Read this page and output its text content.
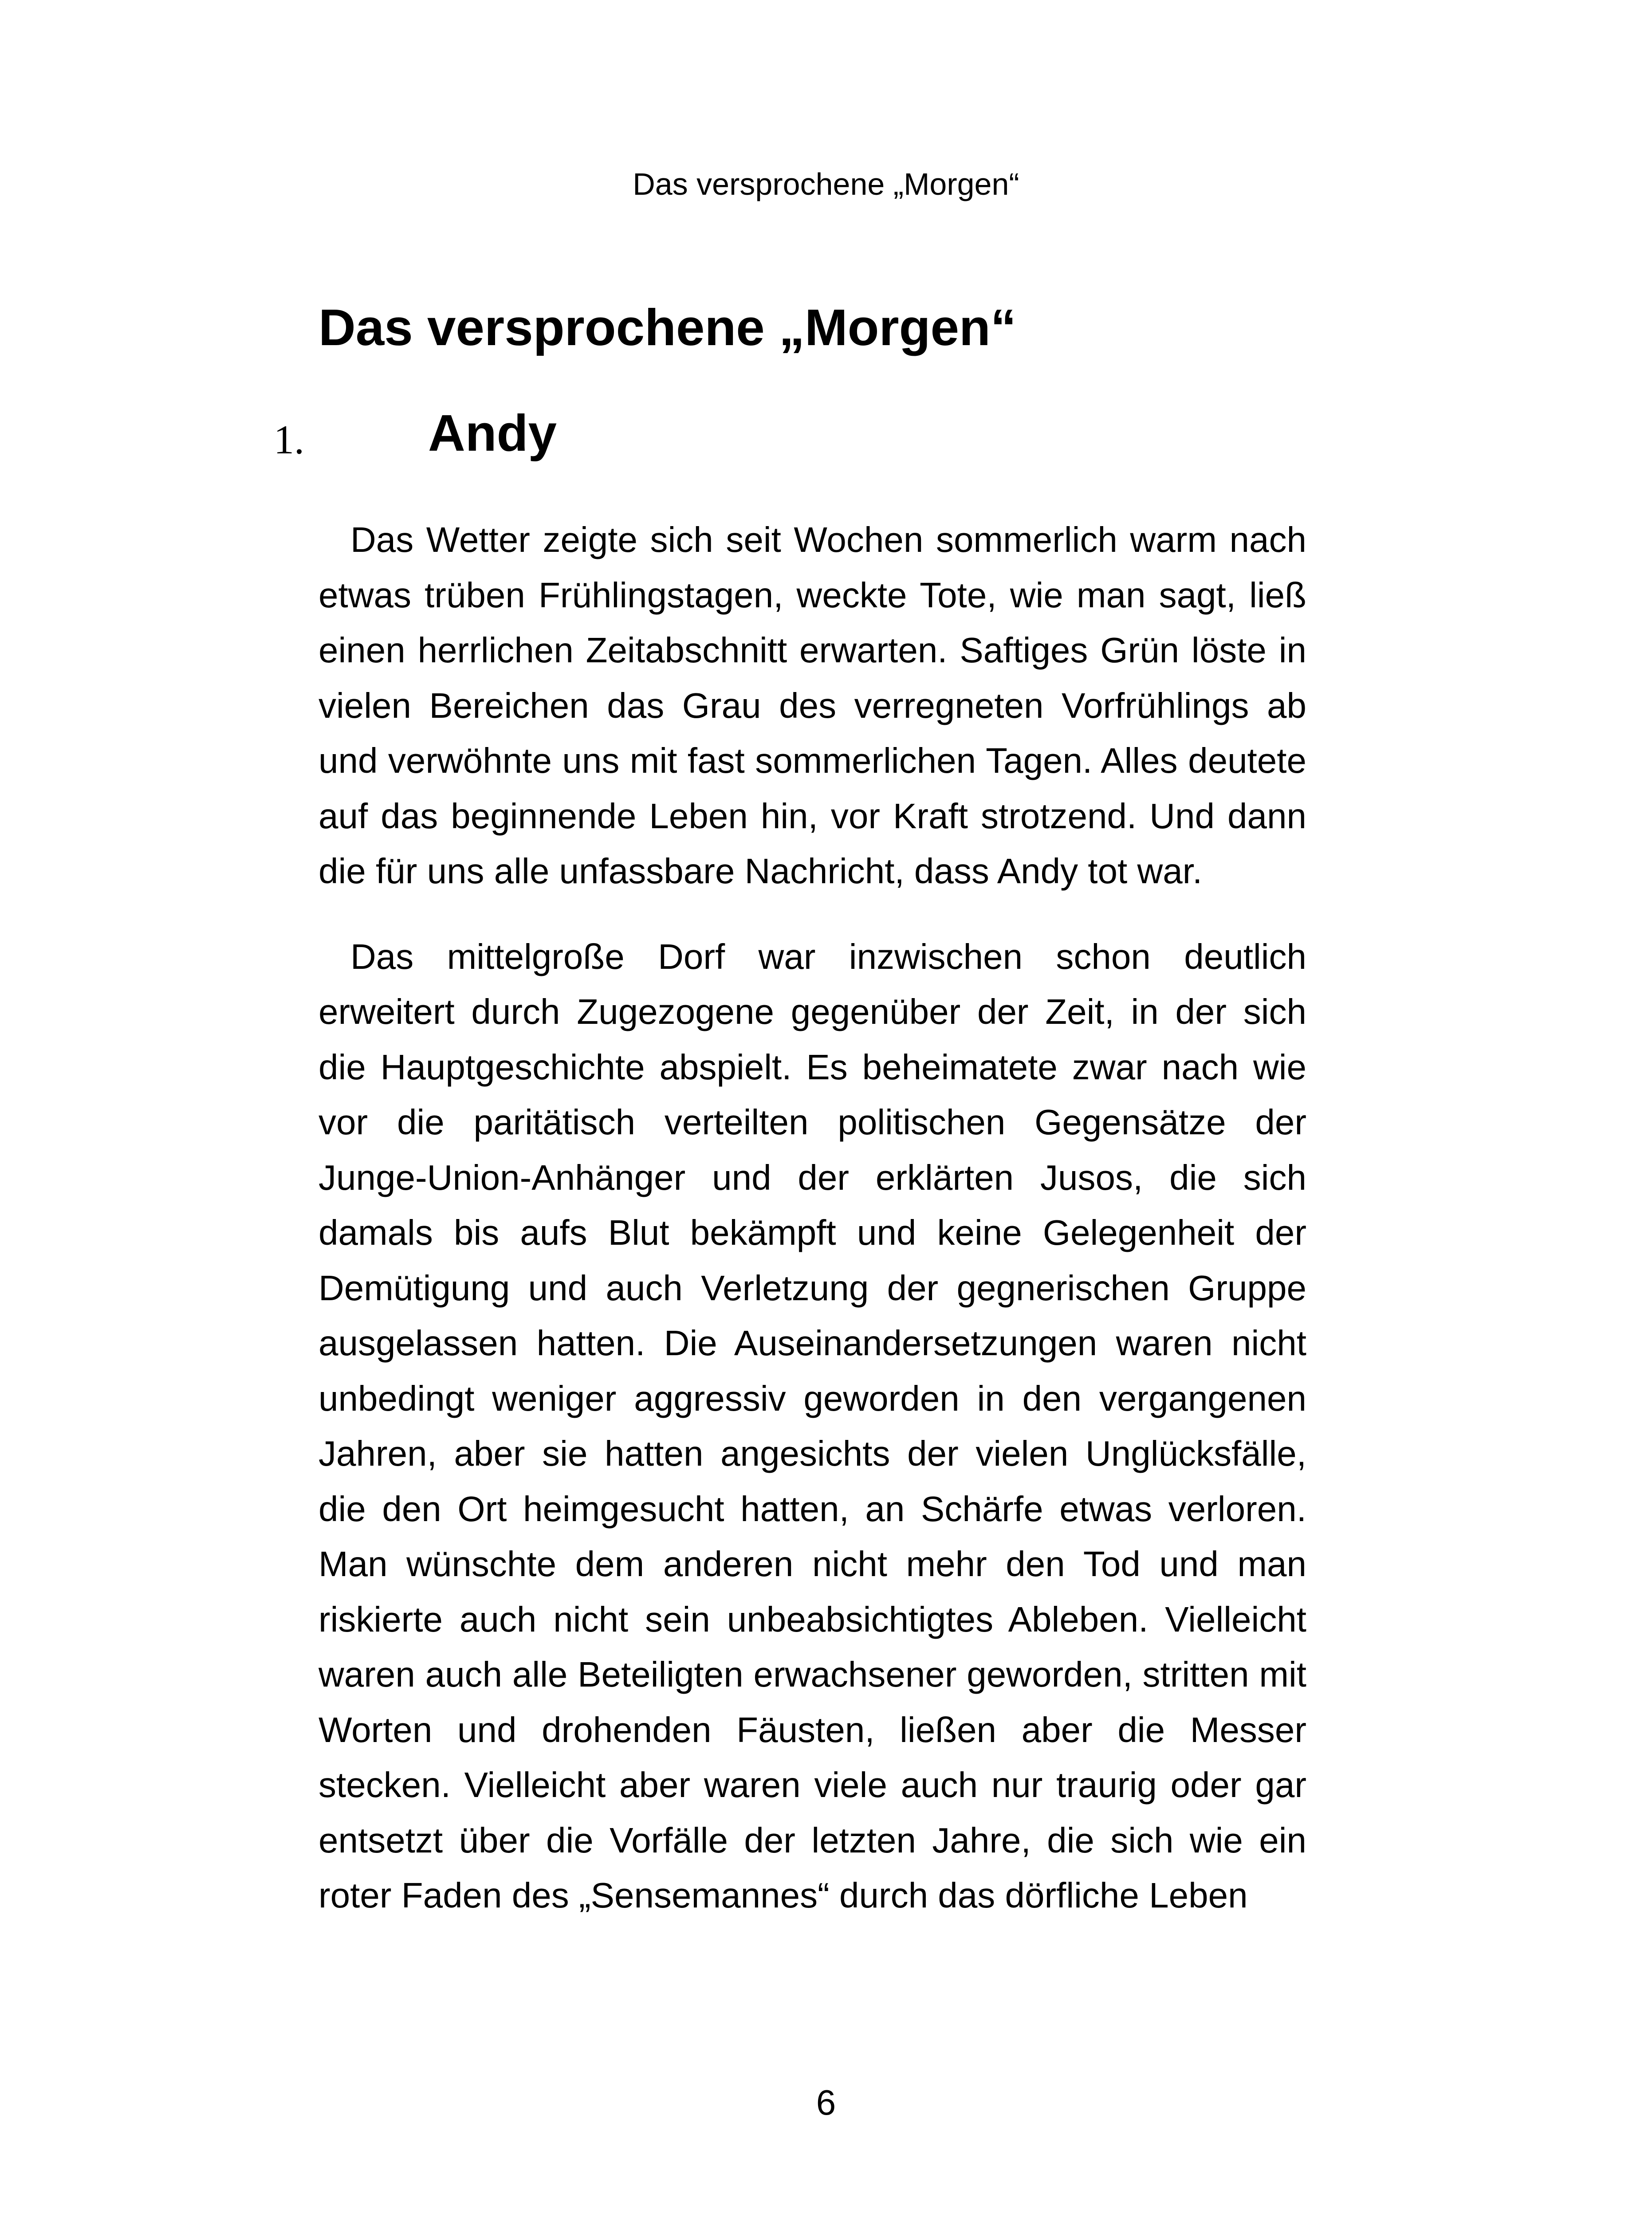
Das versprochene „Morgen“
Das versprochene „Morgen“
1. Andy

Das Wetter zeigte sich seit Wochen sommerlich warm nach etwas trüben Frühlingstagen, weckte Tote, wie man sagt, ließ einen herrlichen Zeitabschnitt erwarten. Saftiges Grün löste in vielen Bereichen das Grau des verregneten Vorfrühlings ab und verwöhnte uns mit fast sommerlichen Tagen. Alles deutete auf das beginnende Leben hin, vor Kraft strotzend. Und dann die für uns alle unfassbare Nachricht, dass Andy tot war.

Das mittelgroße Dorf war inzwischen schon deutlich erweitert durch Zugezogene gegenüber der Zeit, in der sich die Hauptgeschichte abspielt. Es beheimatete zwar nach wie vor die paritätisch verteilten politischen Gegensätze der Junge-Union-Anhänger und der erklärten Jusos, die sich damals bis aufs Blut bekämpft und keine Gelegenheit der Demütigung und auch Verletzung der gegnerischen Gruppe ausgelassen hatten. Die Auseinandersetzungen waren nicht unbedingt weniger aggressiv geworden in den vergangenen Jahren, aber sie hatten angesichts der vielen Unglücksfälle, die den Ort heimgesucht hatten, an Schärfe etwas verloren. Man wünschte dem anderen nicht mehr den Tod und man riskierte auch nicht sein unbeabsichtigtes Ableben. Vielleicht waren auch alle Beteiligten erwachsener geworden, stritten mit Worten und drohenden Fäusten, ließen aber die Messer stecken. Vielleicht aber waren viele auch nur traurig oder gar entsetzt über die Vorfälle der letzten Jahre, die sich wie ein roter Faden des „Sensemannes“ durch das dörfliche Leben

6
